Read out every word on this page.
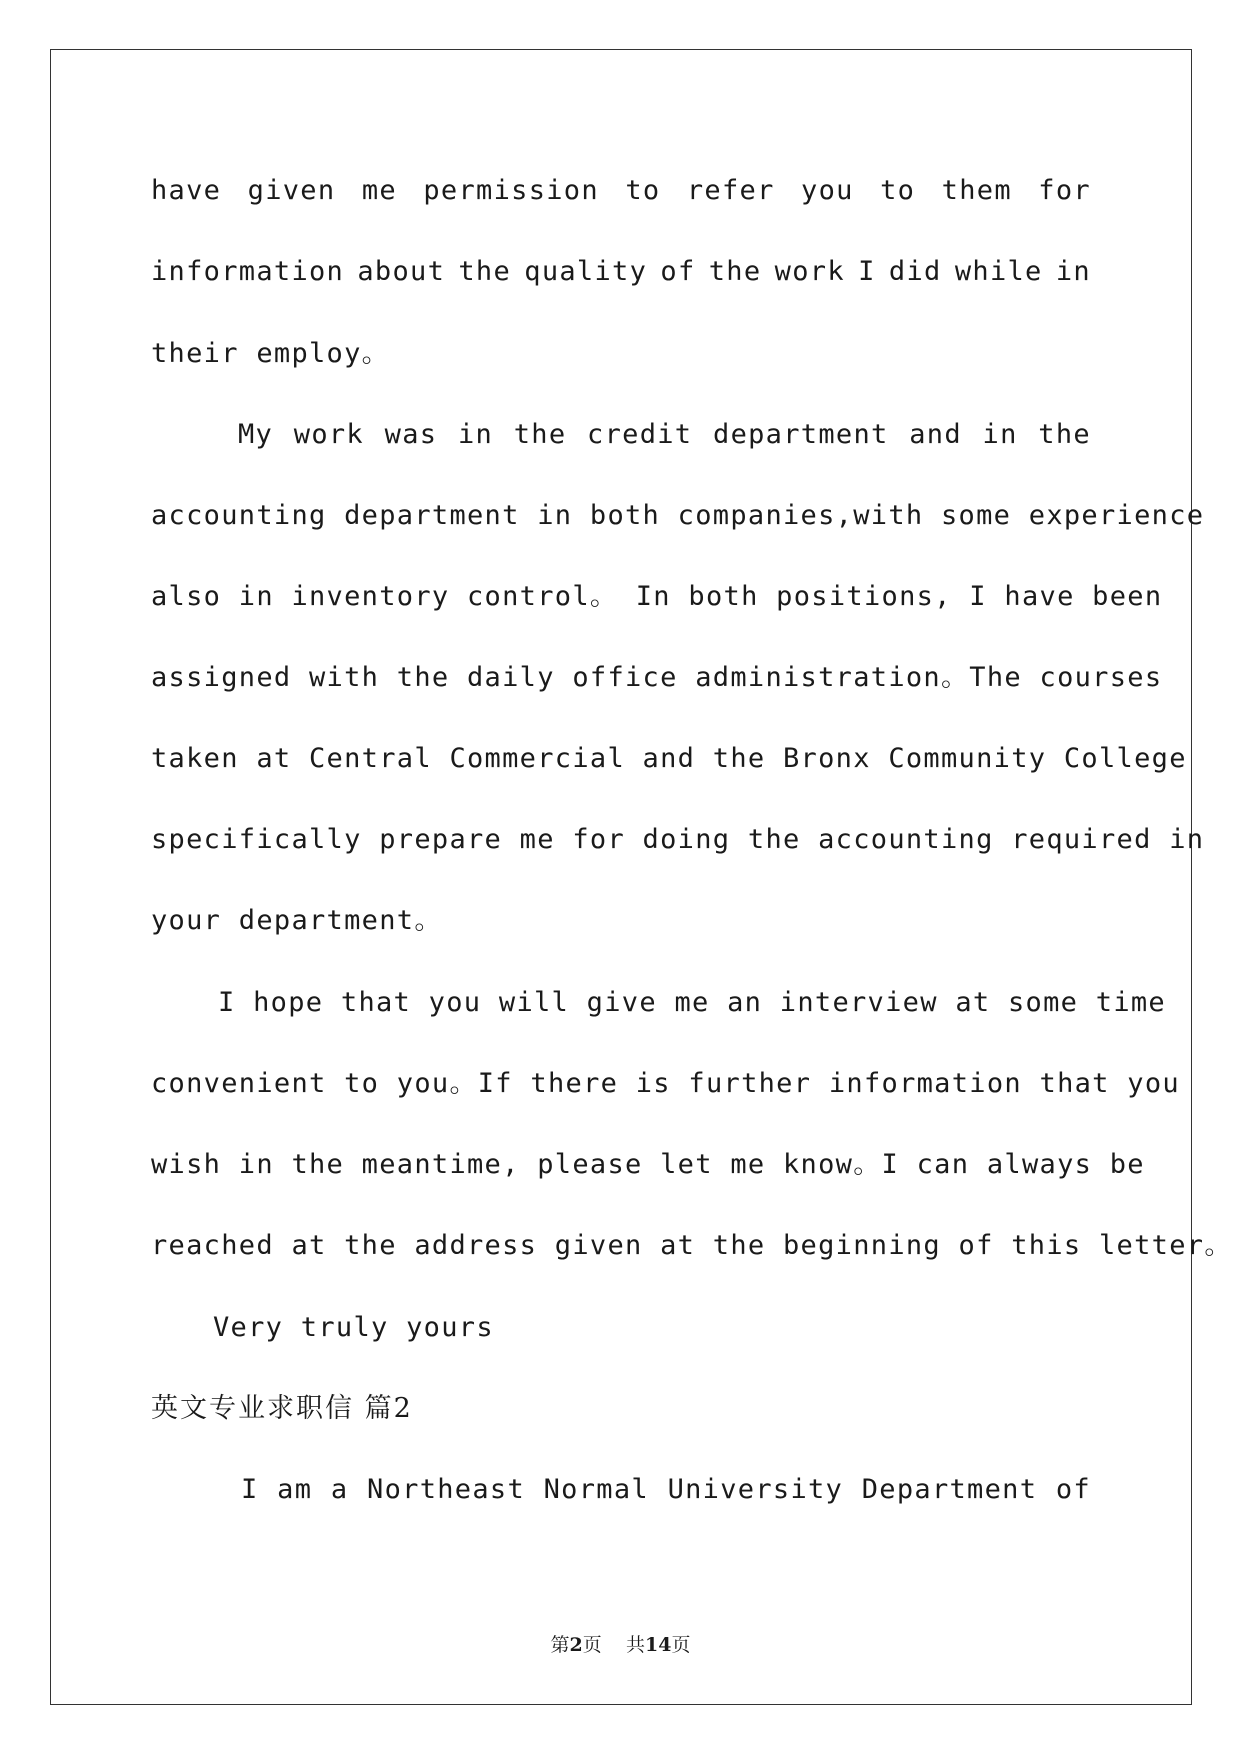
have given me permission to refer you to them for
information about the quality of the work I did while in
their employ。
My work was in the credit department and in the
accounting department in both companies,with some experience
also in inventory control。 In both positions, I have been
assigned with the daily office administration。The courses
taken at Central Commercial and the Bronx Community College
specifically prepare me for doing the accounting required in
your department。
I hope that you will give me an interview at some time
convenient to you。If there is further information that you
wish in the meantime, please let me know。I can always be
reached at the address given at the beginning of this letter。
Very truly yours
英文专业求职信 篇2
I am a Northeast Normal University Department of
第2页 共14页
